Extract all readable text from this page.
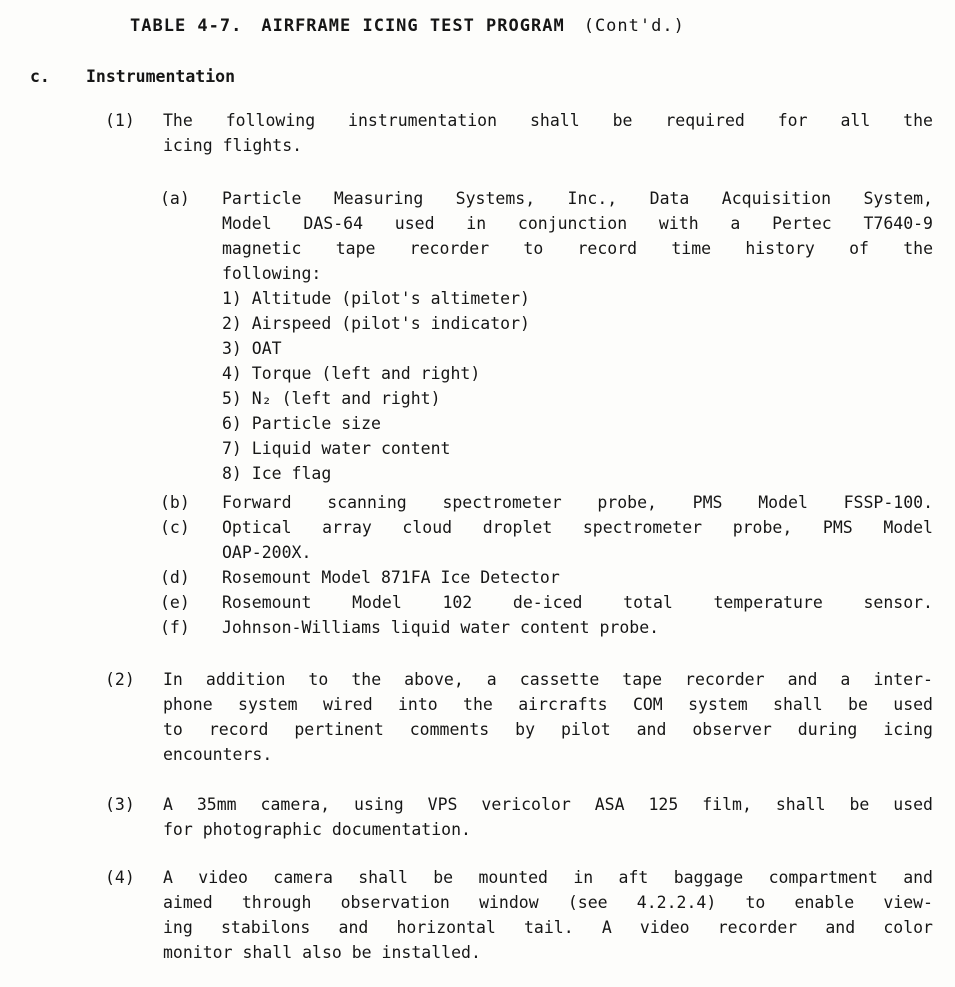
TABLE 4-7. AIRFRAME ICING TEST PROGRAM (Cont'd.)
c. Instrumentation
(1)	The following instrumentation shall be required for all the
icing flights.
(a)	Particle Measuring Systems, Inc., Data Acquisition System,
Model DAS-64 used in conjunction with a Pertec T7640-9
magnetic tape recorder to record time history of the
following:
1) Altitude (pilot's altimeter)
2) Airspeed (pilot's indicator)
3) OAT
4) Torque (left and right)
5) N₂ (left and right)
6) Particle size
7) Liquid water content
8) Ice flag
(b)	Forward scanning spectrometer probe, PMS Model FSSP-100.
(c)	Optical array cloud droplet spectrometer probe, PMS Model
OAP-200X.
(d)	Rosemount Model 871FA Ice Detector
(e)	Rosemount Model 102 de-iced total temperature sensor.
(f)	Johnson-Williams liquid water content probe.
(2)	In addition to the above, a cassette tape recorder and a inter-
phone system wired into the aircrafts COM system shall be used
to record pertinent comments by pilot and observer during icing
encounters.
(3)	A 35mm camera, using VPS vericolor ASA 125 film, shall be used
for photographic documentation.
(4)	A video camera shall be mounted in aft baggage compartment and
aimed through observation window (see 4.2.2.4) to enable view-
ing stabilons and horizontal tail. A video recorder and color
monitor shall also be installed.
